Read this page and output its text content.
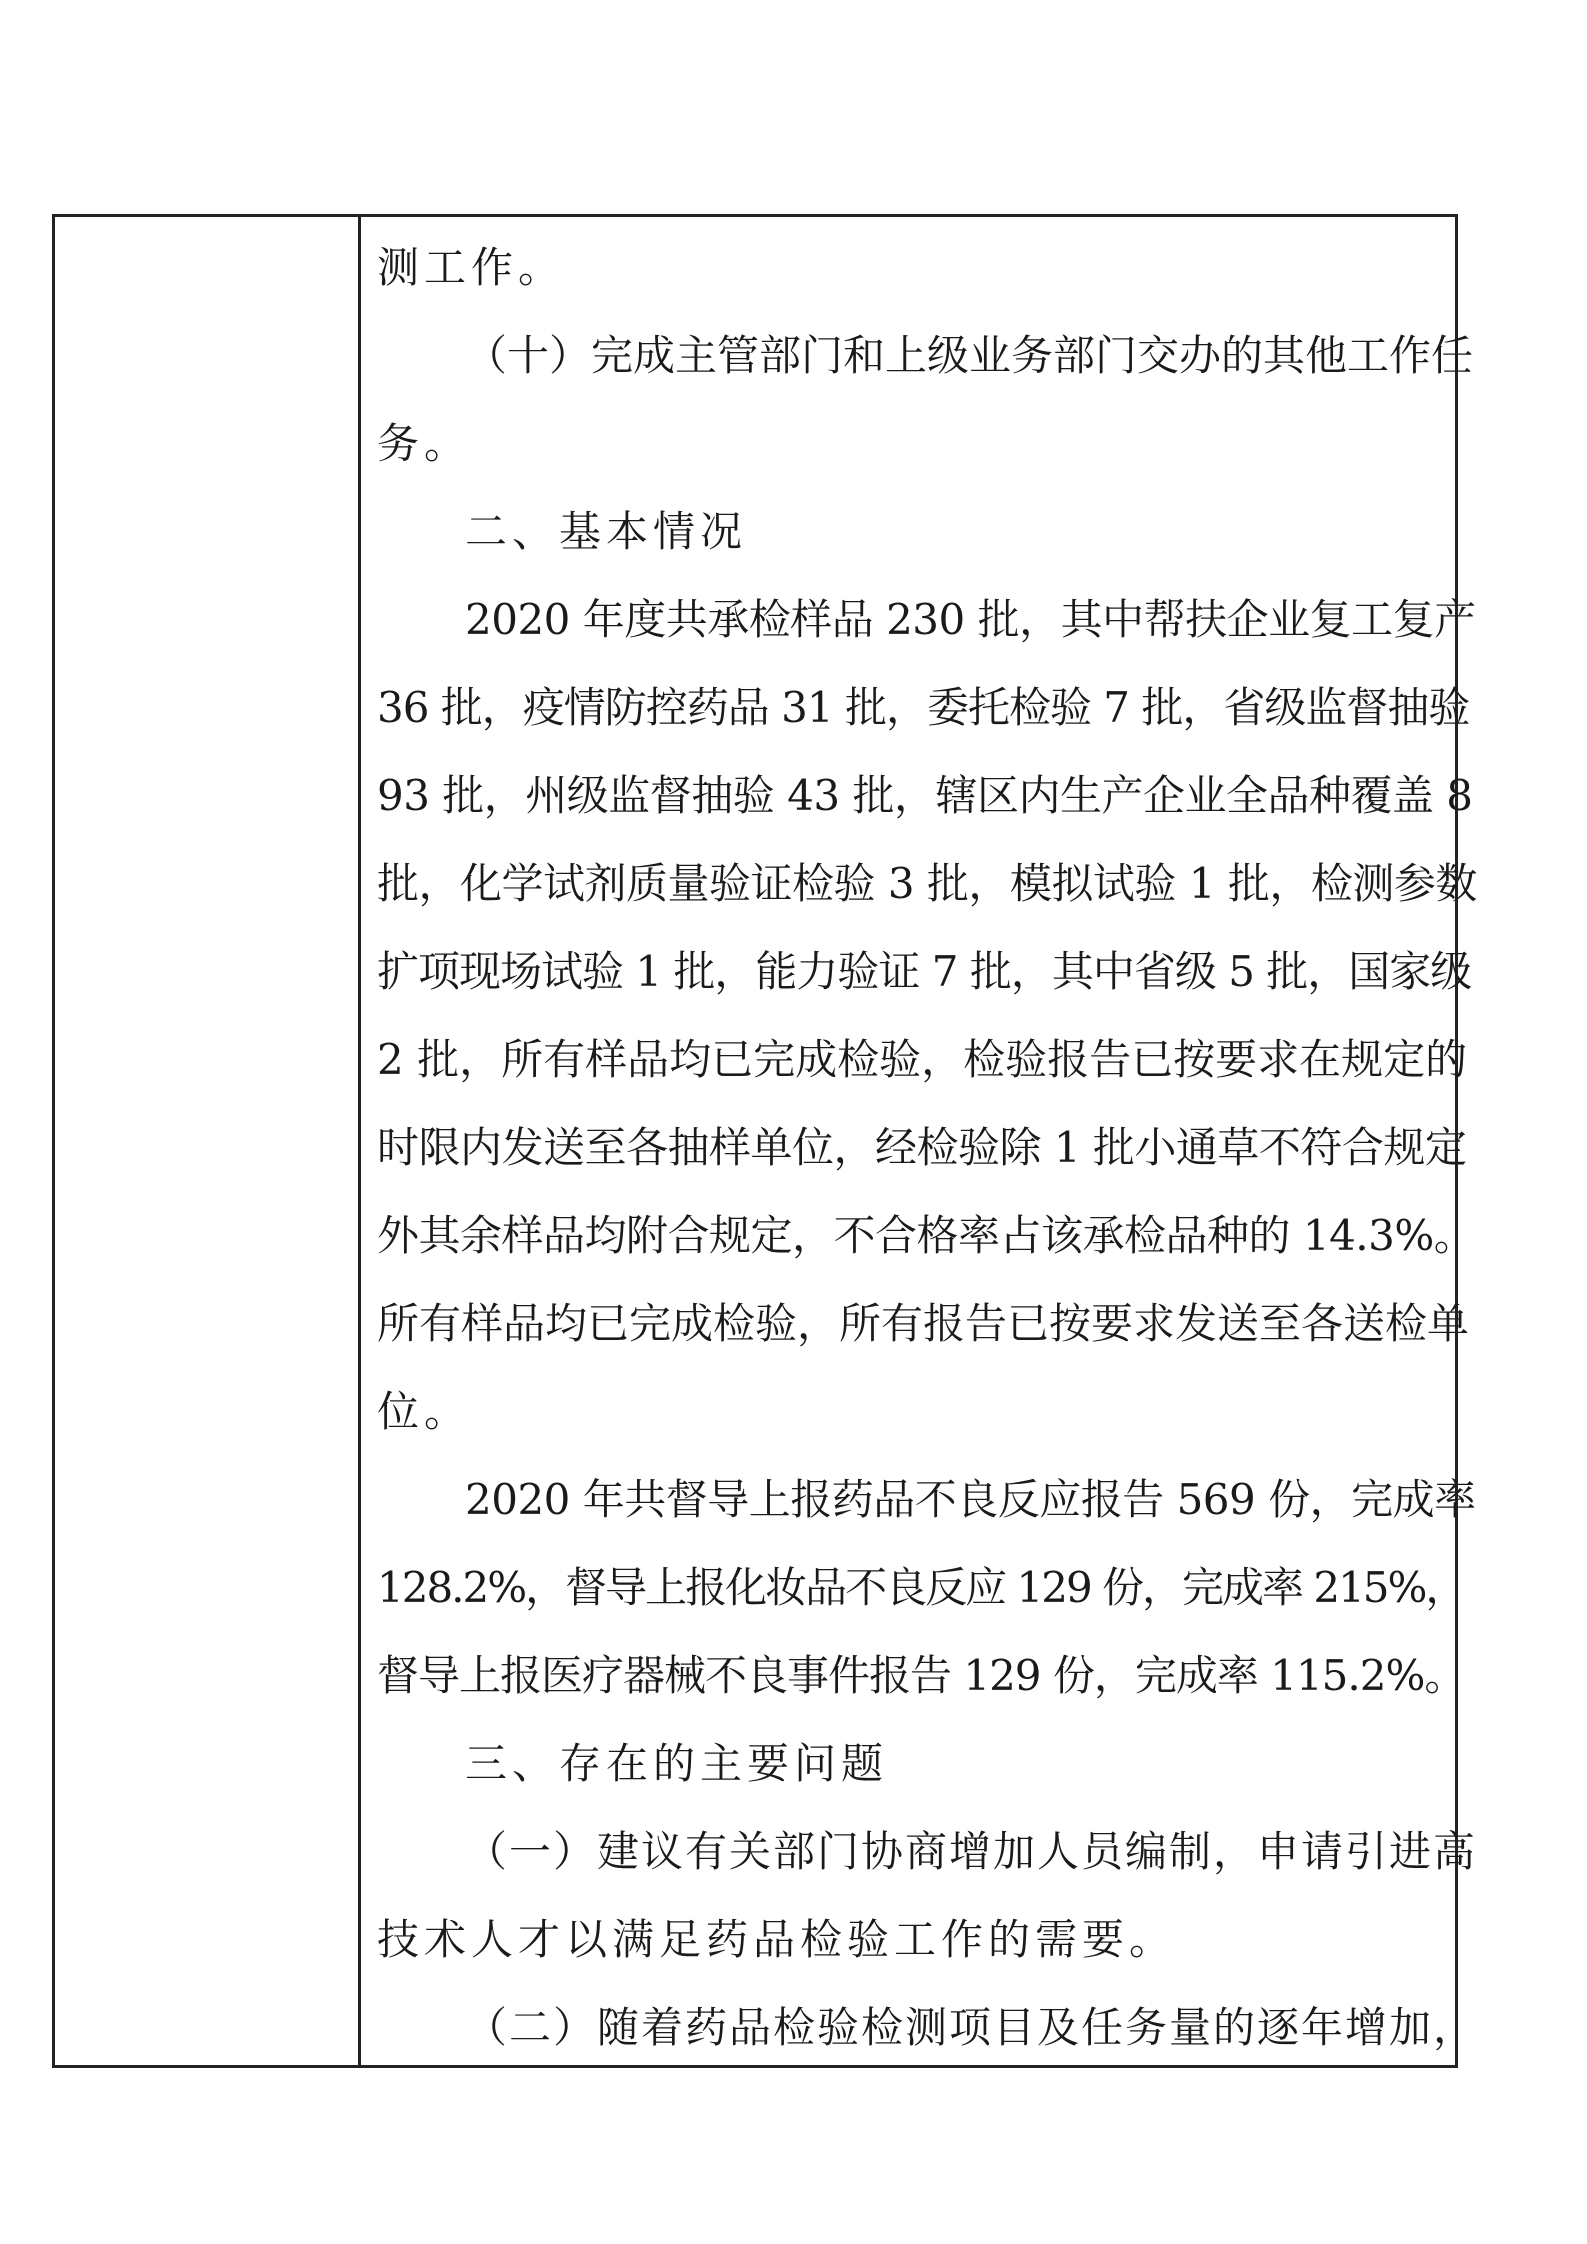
测工作。

（十）完成主管部门和上级业务部门交办的其他工作任

务。

二、基本情况

2020 年度共承检样品 230 批，其中帮扶企业复工复产

36 批，疫情防控药品 31 批，委托检验 7 批，省级监督抽验

93 批，州级监督抽验 43 批，辖区内生产企业全品种覆盖 8

批，化学试剂质量验证检验 3 批，模拟试验 1 批，检测参数

扩项现场试验 1 批，能力验证 7 批，其中省级 5 批，国家级

2 批，所有样品均已完成检验，检验报告已按要求在规定的

时限内发送至各抽样单位，经检验除 1 批小通草不符合规定

外其余样品均附合规定，不合格率占该承检品种的 14.3%。

所有样品均已完成检验，所有报告已按要求发送至各送检单

位。

2020 年共督导上报药品不良反应报告 569 份，完成率

128.2%，督导上报化妆品不良反应 129 份，完成率 215%，

督导上报医疗器械不良事件报告 129 份，完成率 115.2%。

三、存在的主要问题

（一）建议有关部门协商增加人员编制，申请引进高

技术人才以满足药品检验工作的需要。

（二）随着药品检验检测项目及任务量的逐年增加，
